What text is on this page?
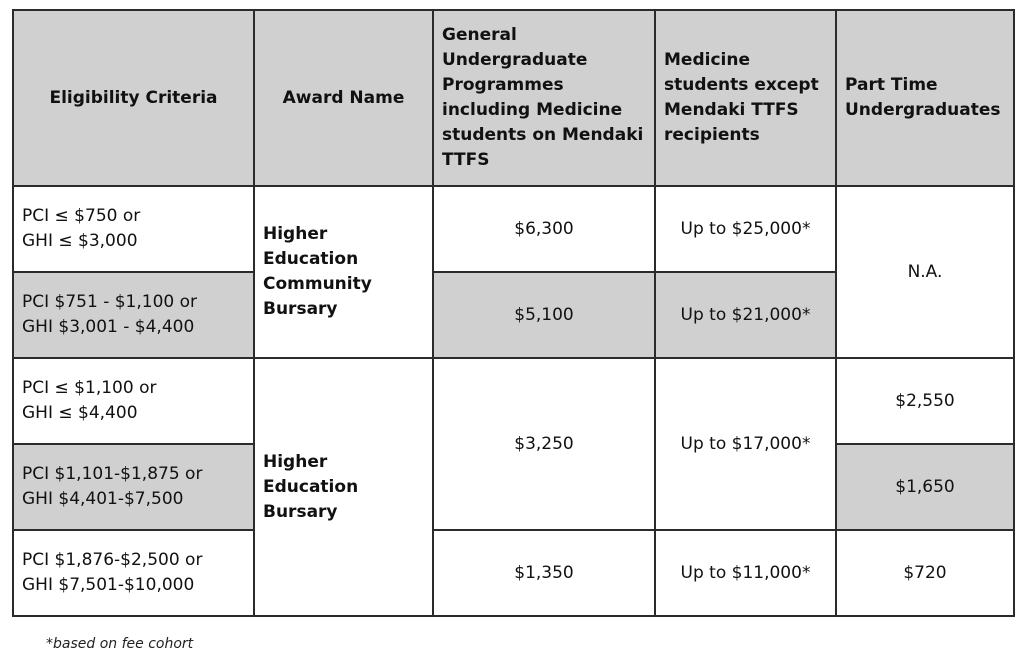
Eligibility Criteria	Award Name	General Undergraduate Programmes including Medicine students on Mendaki TTFS	Medicine students except Mendaki TTFS recipients	Part Time Undergraduates

PCI ≤ $750 or
GHI ≤ $3,000	Higher Education Community Bursary	$6,300	Up to $25,000*	N.A.

PCI $751 - $1,100 or
GHI $3,001 - $4,400		$5,100	Up to $21,000*	

PCI ≤ $1,100 or
GHI ≤ $4,400	Higher Education Bursary	$3,250	Up to $17,000*	$2,550

PCI $1,101-$1,875 or
GHI $4,401-$7,500				$1,650

PCI $1,876-$2,500 or
GHI $7,501-$10,000		$1,350	Up to $11,000*	$720
*based on fee cohort
